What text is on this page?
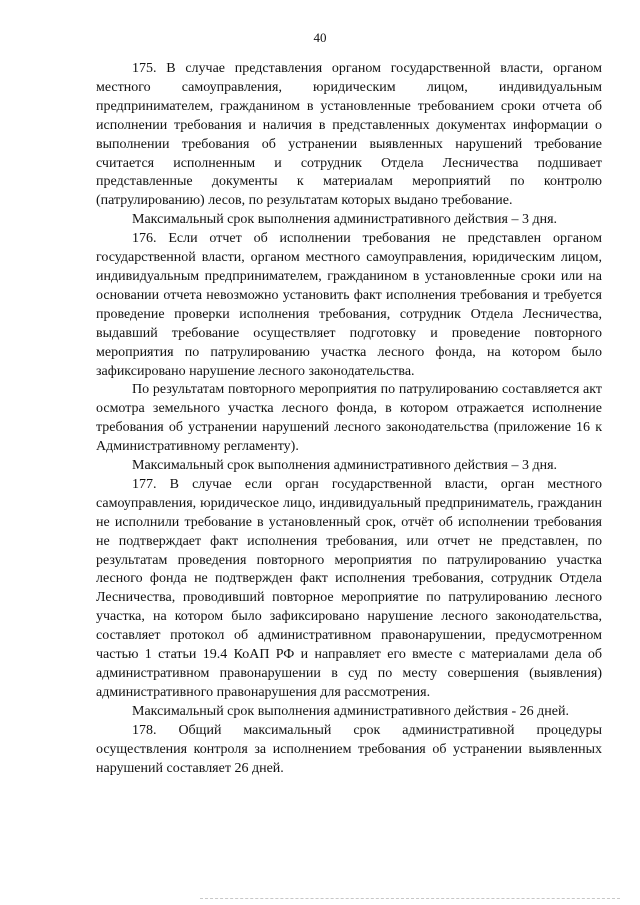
40

175. В случае представления органом государственной власти, органом местного самоуправления, юридическим лицом, индивидуальным предпринимателем, гражданином в установленные требованием сроки отчета об исполнении требования и наличия в представленных документах информации о выполнении требования об устранении выявленных нарушений требование считается исполненным и сотрудник Отдела Лесничества подшивает представленные документы к материалам мероприятий по контролю (патрулированию) лесов, по результатам которых выдано требование.

Максимальный срок выполнения административного действия – 3 дня.

176. Если отчет об исполнении требования не представлен органом государственной власти, органом местного самоуправления, юридическим лицом, индивидуальным предпринимателем, гражданином в установленные сроки или на основании отчета невозможно установить факт исполнения требования и требуется проведение проверки исполнения требования, сотрудник Отдела Лесничества, выдавший требование осуществляет подготовку и проведение повторного мероприятия по патрулированию участка лесного фонда, на котором было зафиксировано нарушение лесного законодательства.

По результатам повторного мероприятия по патрулированию составляется акт осмотра земельного участка лесного фонда, в котором отражается исполнение требования об устранении нарушений лесного законодательства (приложение 16 к Административному регламенту).

Максимальный срок выполнения административного действия – 3 дня.

177. В случае если орган государственной власти, орган местного самоуправления, юридическое лицо, индивидуальный предприниматель, гражданин не исполнили требование в установленный срок, отчёт об исполнении требования не подтверждает факт исполнения требования, или отчет не представлен, по результатам проведения повторного мероприятия по патрулированию участка лесного фонда не подтвержден факт исполнения требования, сотрудник Отдела Лесничества, проводивший повторное мероприятие по патрулированию лесного участка, на котором было зафиксировано нарушение лесного законодательства, составляет протокол об административном правонарушении, предусмотренном частью 1 статьи 19.4 КоАП РФ и направляет его вместе с материалами дела об административном правонарушении в суд по месту совершения (выявления) административного правонарушения для рассмотрения.

Максимальный срок выполнения административного действия - 26 дней.

178. Общий максимальный срок административной процедуры осуществления контроля за исполнением требования об устранении выявленных нарушений составляет 26 дней.
